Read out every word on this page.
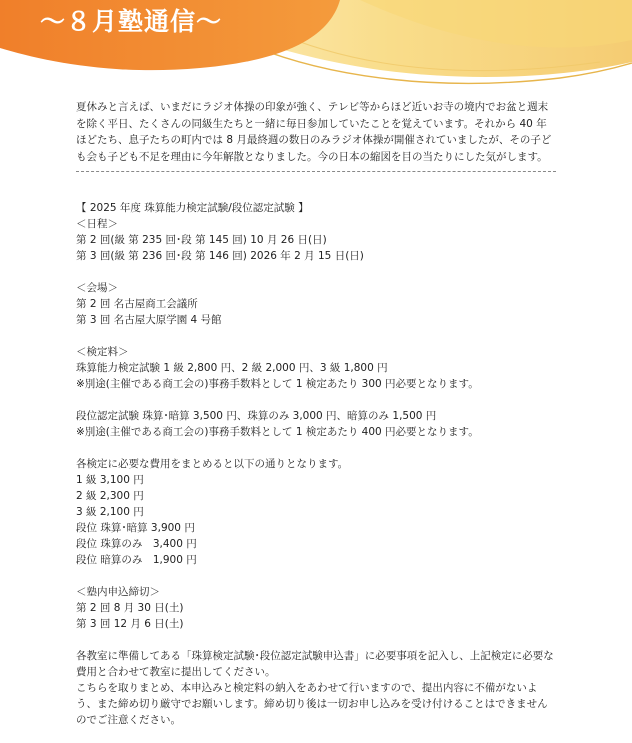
～８月塾通信～

夏休みと言えば、いまだにラジオ体操の印象が強く、テレビ等からほど近いお寺の境内でお盆と週末を除く平日、たくさんの同級生たちと一緒に毎日参加していたことを覚えています。それから 40 年ほどたち、息子たちの町内では 8 月最終週の数日のみラジオ体操が開催されていましたが、その子ども会も子ども不足を理由に今年解散となりました。今の日本の縮図を目の当たりにした気がします。

【 2025 年度 珠算能力検定試験/段位認定試験 】

＜日程＞

第 2 回(級 第 235 回･段 第 145 回) 10 月 26 日(日)

第 3 回(級 第 236 回･段 第 146 回) 2026 年 2 月 15 日(日)

＜会場＞

第 2 回 名古屋商工会議所

第 3 回 名古屋大原学園 4 号館

＜検定料＞

珠算能力検定試験 1 級 2,800 円、2 級 2,000 円、3 級 1,800 円

※別途(主催である商工会の)事務手数料として 1 検定あたり 300 円必要となります。

段位認定試験 珠算･暗算 3,500 円、珠算のみ 3,000 円、暗算のみ 1,500 円

※別途(主催である商工会の)事務手数料として 1 検定あたり 400 円必要となります。

各検定に必要な費用をまとめると以下の通りとなります。

1 級 3,100 円

2 級 2,300 円

3 級 2,100 円

段位 珠算･暗算 3,900 円

段位 珠算のみ　3,400 円

段位 暗算のみ　1,900 円

＜塾内申込締切＞

第 2 回 8 月 30 日(土)

第 3 回 12 月 6 日(土)

各教室に準備してある「珠算検定試験･段位認定試験申込書」に必要事項を記入し、上記検定に必要な費用と合わせて教室に提出してください。

こちらを取りまとめ、本申込みと検定料の納入をあわせて行いますので、提出内容に不備がないよう、また締め切り厳守でお願いします。締め切り後は一切お申し込みを受け付けることはできませんのでご注意ください。
